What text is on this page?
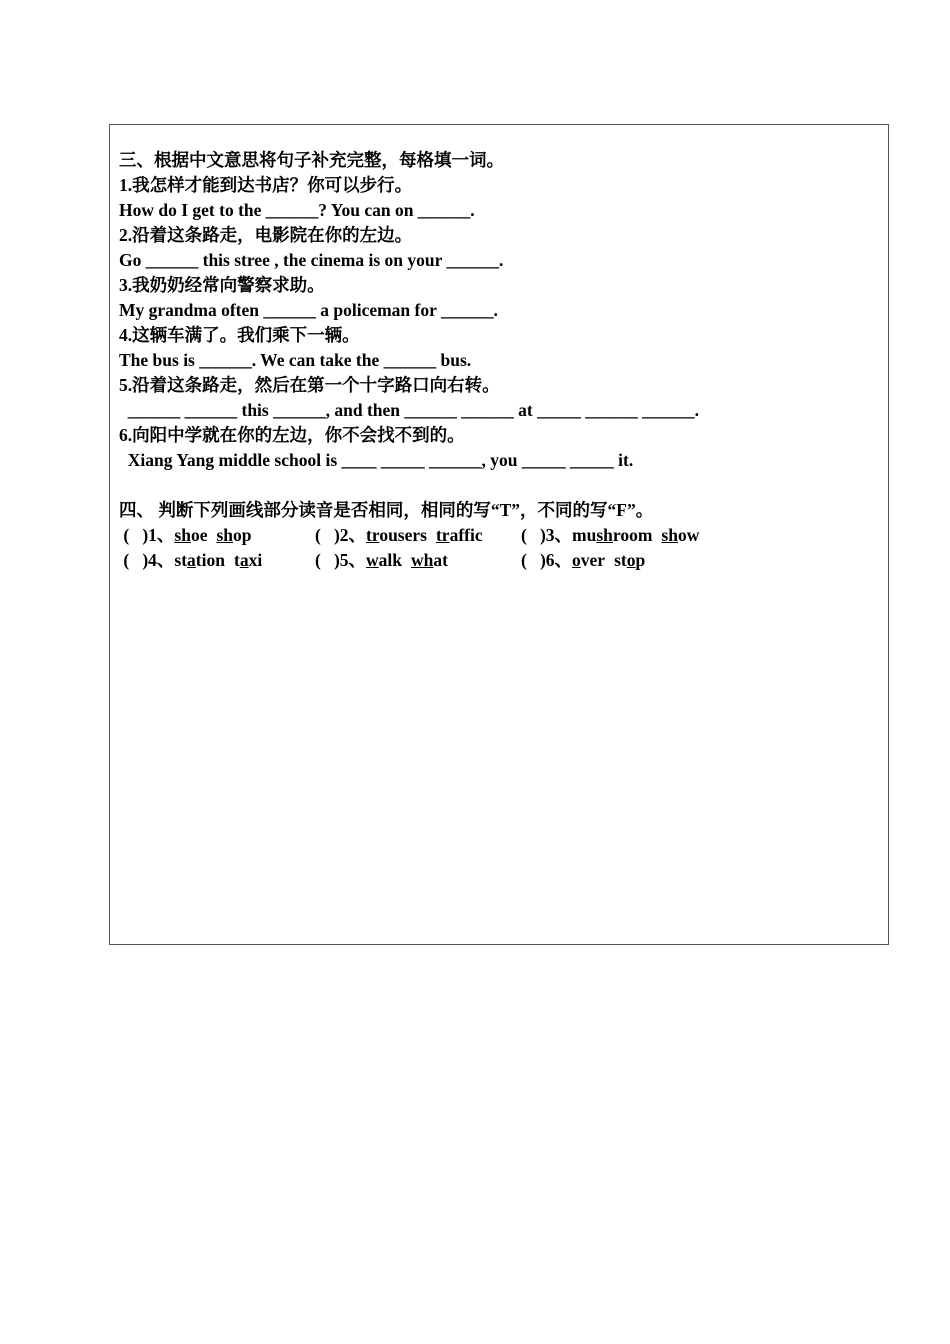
三、根据中文意思将句子补充完整，每格填一词。
1.我怎样才能到达书店？你可以步行。
How do I get to the ______? You can on ______.
2.沿着这条路走，电影院在你的左边。
Go ______ this stree , the cinema is on your ______.
3.我奶奶经常向警察求助。
My grandma often ______ a policeman for ______.
4.这辆车满了。我们乘下一辆。
The bus is ______. We can take the ______ bus.
5.沿着这条路走，然后在第一个十字路口向右转。
______ ______ this ______, and then ______ ______ at _____ ______ ______.
6.向阳中学就在你的左边，你不会找不到的。
Xiang Yang middle school is ____ _____ ______, you _____ _____ it.
四、 判断下列画线部分读音是否相同，相同的写“T”，不同的写“F”。
(   )1、shoe shop	(   )2、trousers traffic (   )3、mushroom show
(   )4、station taxi	(   )5、walk what	(   )6、over stop
